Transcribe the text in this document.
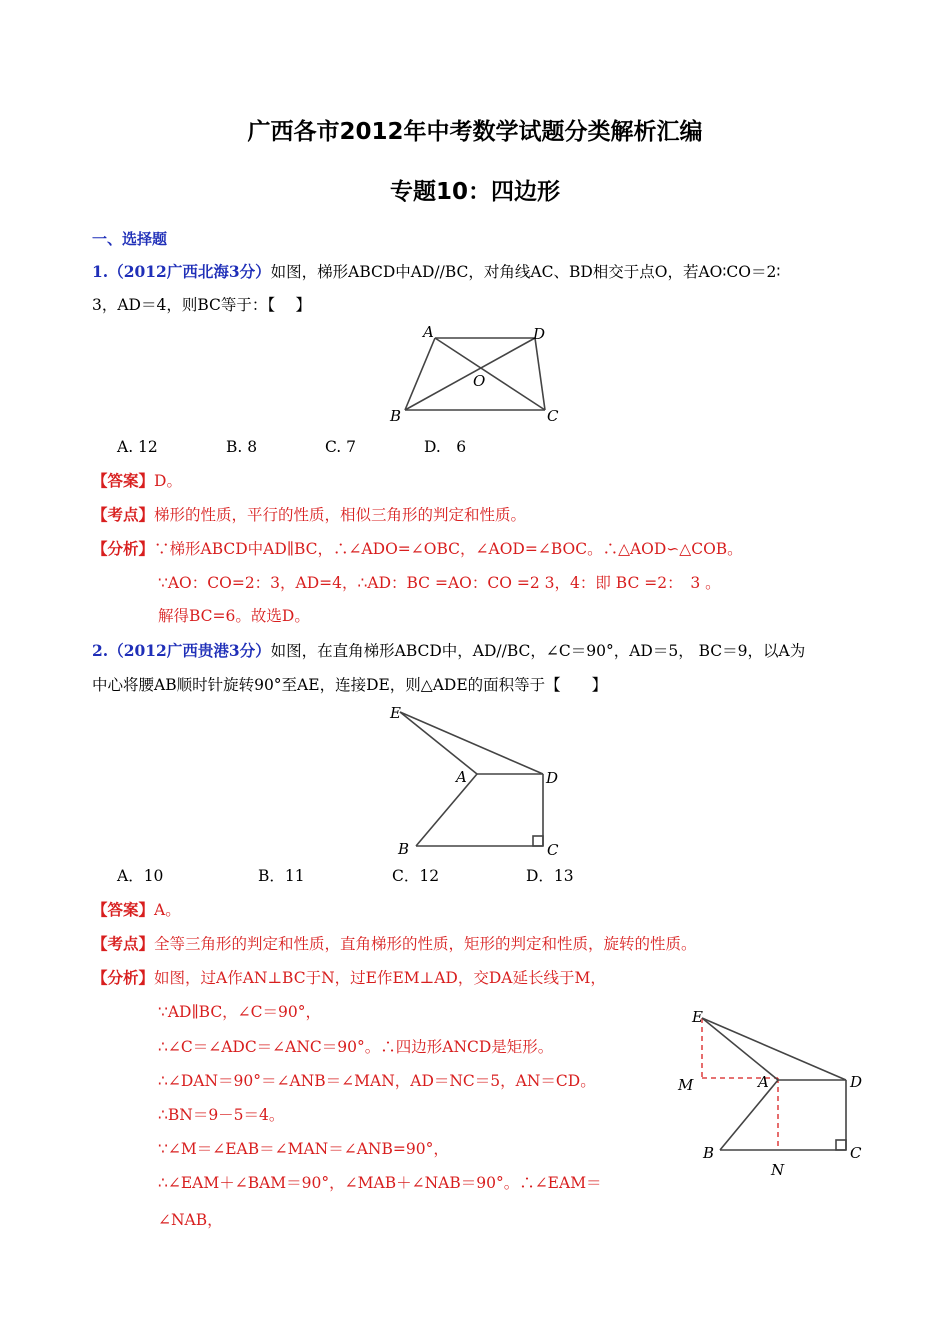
广西各市2012年中考数学试题分类解析汇编
专题10：四边形
一、选择题
1.（2012广西北海3分）如图，梯形ABCD中AD//BC，对角线AC、BD相交于点O，若AO∶CO＝2∶
3，AD＝4，则BC等于：【　 】
A	D
O
B	C
A. 12	B. 8	C. 7	D.　6
【答案】D。
【考点】梯形的性质，平行的性质，相似三角形的判定和性质。
【分析】∵梯形ABCD中AD∥BC，∴∠ADO=∠OBC，∠AOD=∠BOC。∴△AOD∽△COB。
∵AO：CO=2：3，AD=4，∴AD：BC =AO：CO =2 3，4：即 BC =2：　3 。
解得BC=6。故选D。
2.（2012广西贵港3分）如图，在直角梯形ABCD中，AD//BC，∠C＝90°，AD＝5， BC＝9，以A为
中心将腰AB顺时针旋转90°至AE，连接DE，则△ADE的面积等于【　　】
E
A	D
B	C
A．10	B．11	C．12	D．13
【答案】A。
【考点】全等三角形的判定和性质，直角梯形的性质，矩形的判定和性质，旋转的性质。
【分析】如图，过A作AN⊥BC于N，过E作EM⊥AD，交DA延长线于M，
∵AD∥BC，∠C＝90°，
∴∠C＝∠ADC＝∠ANC＝90°。∴四边形ANCD是矩形。
∴∠DAN＝90°＝∠ANB＝∠MAN，AD＝NC＝5，AN＝CD。
∴BN＝9－5＝4。
∵∠M＝∠EAB＝∠MAN＝∠ANB=90°，
∴∠EAM＋∠BAM＝90°，∠MAB＋∠NAB＝90°。∴∠EAM＝
∠NAB，
E
M	A	D
B	C
N
